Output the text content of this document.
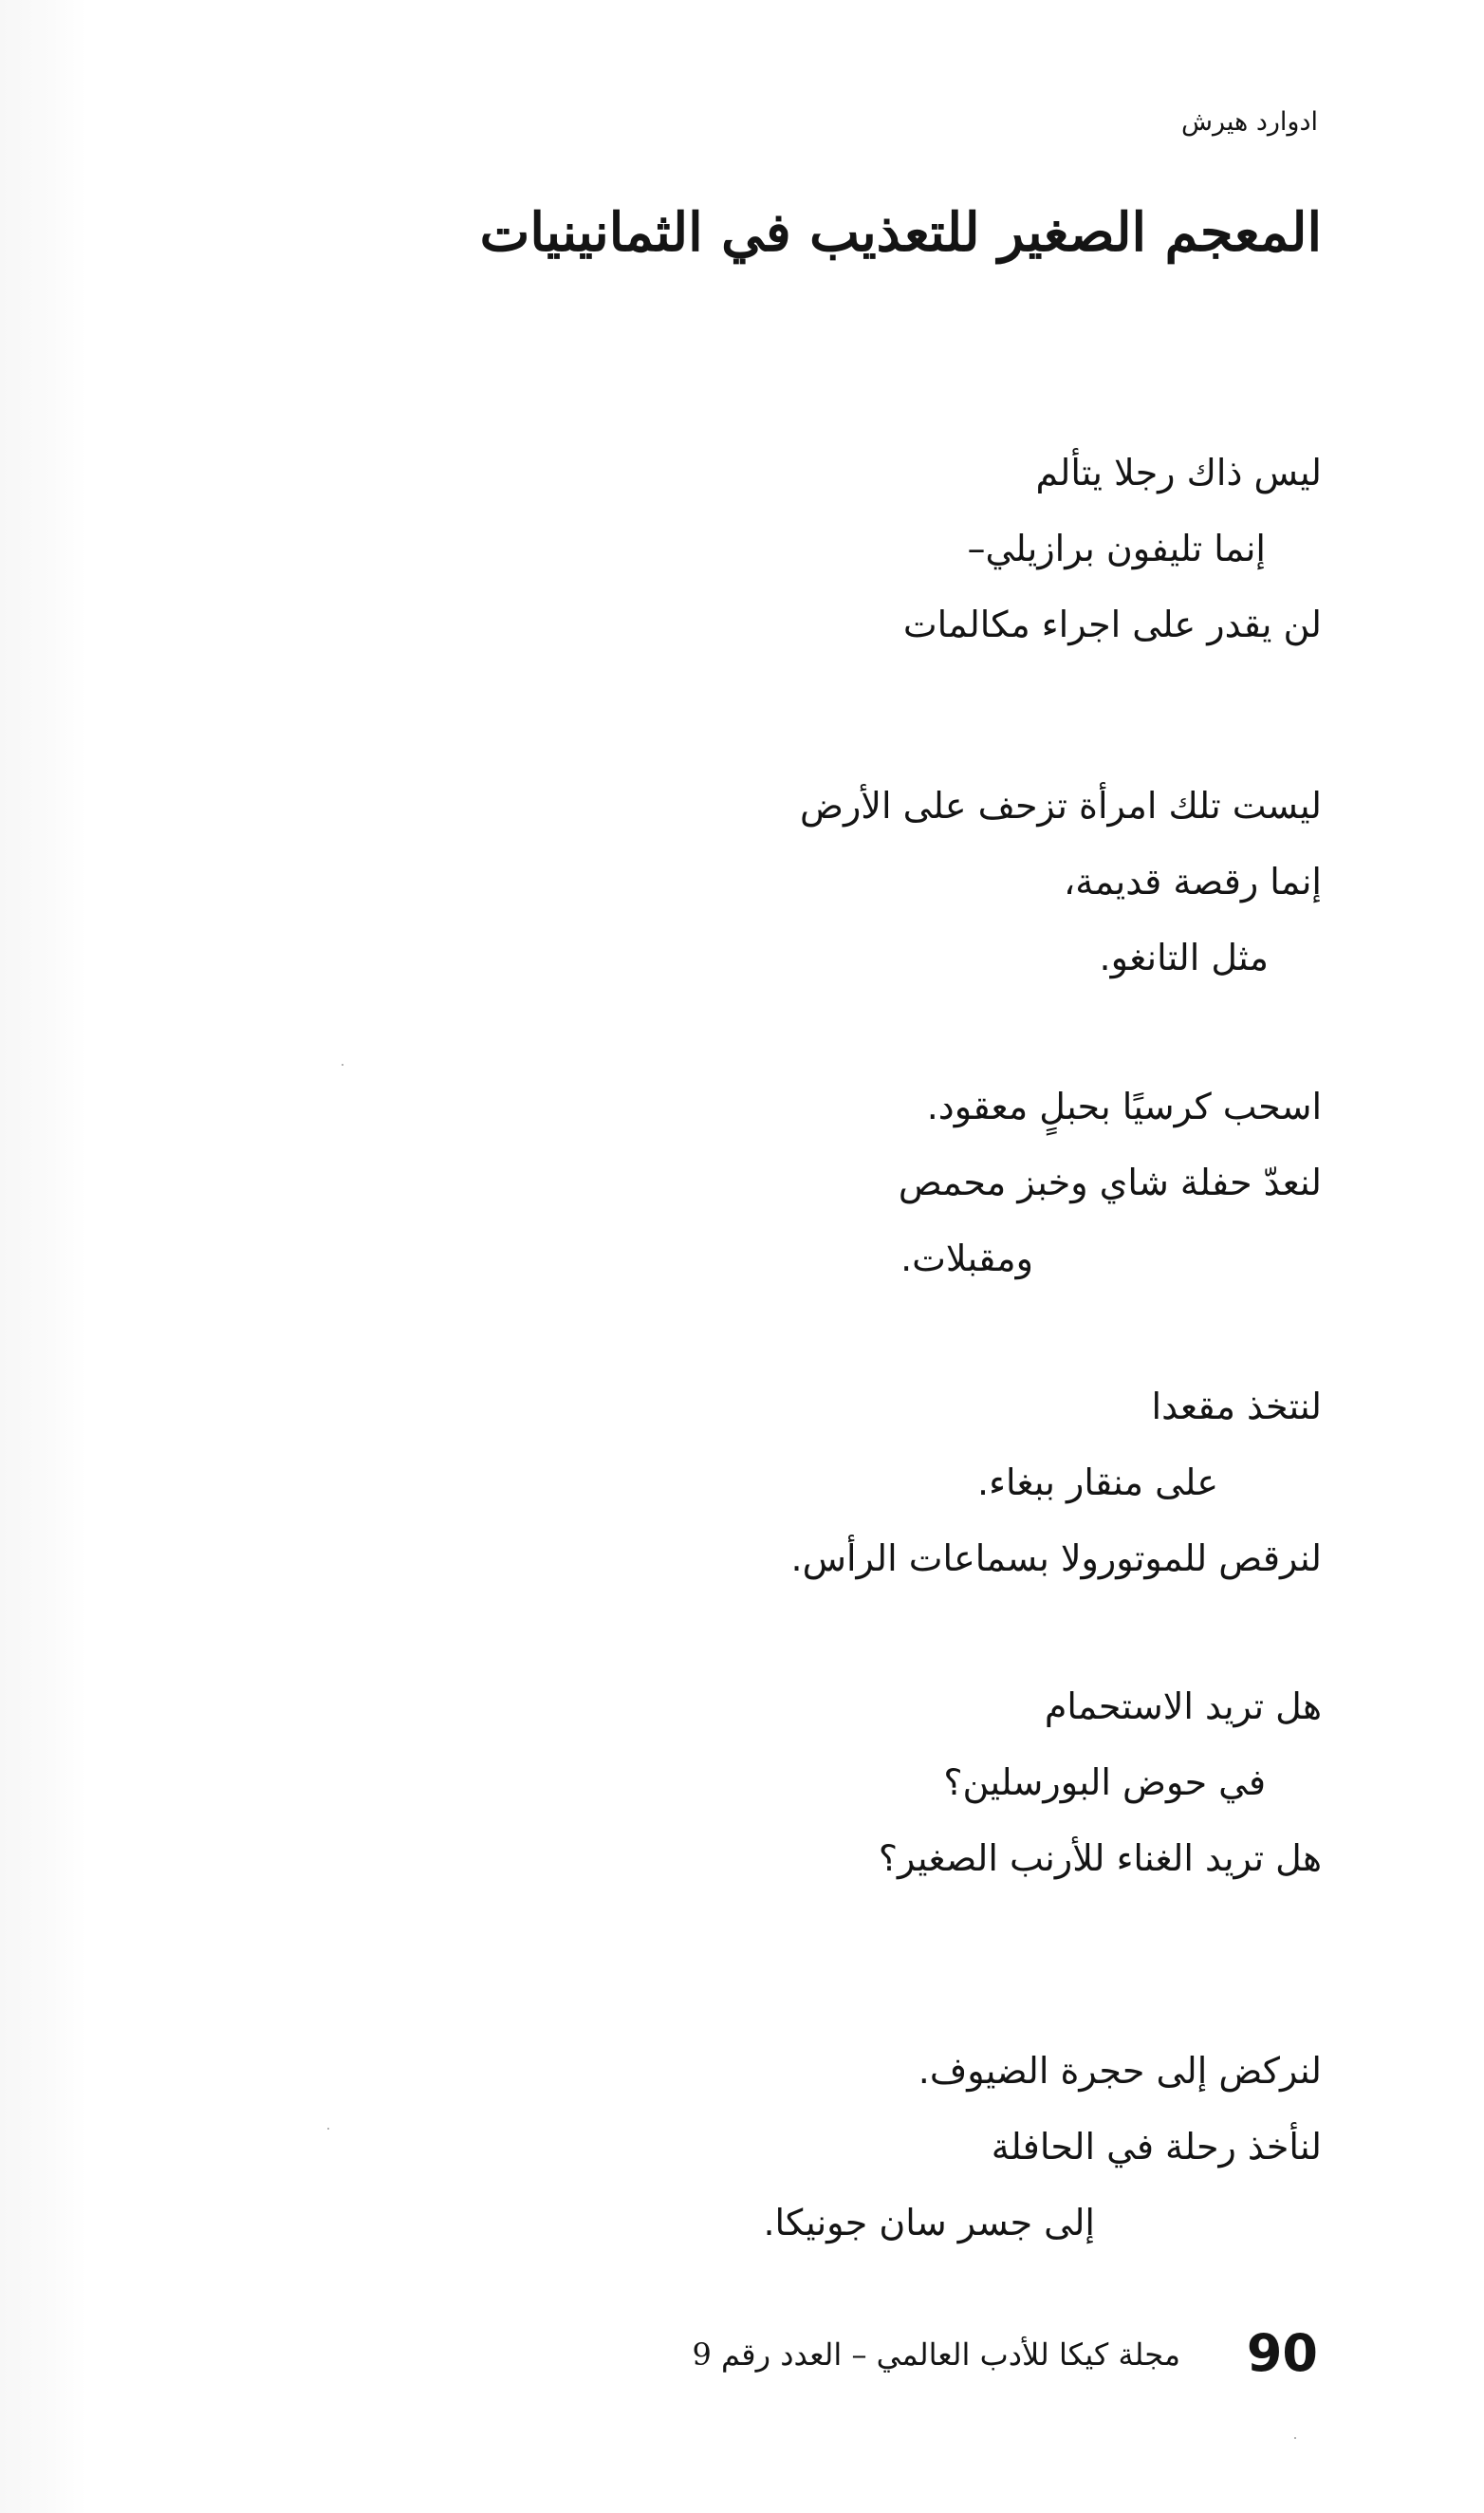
ادوارد هيرش
المعجم الصغير للتعذيب في الثمانينيات
ليس ذاك رجلا يتألم
إنما تليفون برازيلي–
لن يقدر على اجراء مكالمات
ليست تلك امرأة تزحف على الأرض
إنما رقصة قديمة،
مثل التانغو.
اسحب كرسيًا بحبلٍ معقود.
لنعدّ حفلة شاي وخبز محمص
ومقبلات.
لنتخذ مقعدا
على منقار ببغاء.
لنرقص للموتورولا بسماعات الرأس.
هل تريد الاستحمام
في حوض البورسلين؟
هل تريد الغناء للأرنب الصغير؟
لنركض إلى حجرة الضيوف.
لنأخذ رحلة في الحافلة
إلى جسر سان جونيكا.
مجلة كيكا للأدب العالمي – العدد رقم 9 90
